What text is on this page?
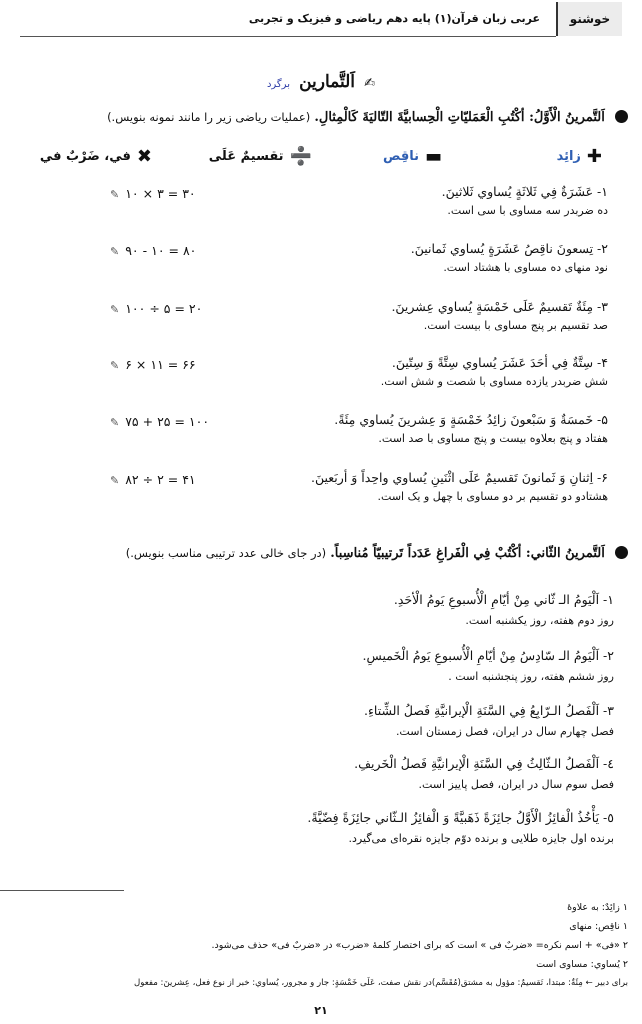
خوشنو
عربی زبان قرآن(۱) پایه دهم ریاضی و فیزیک و تجربی
✍ اَلتَّمارين برگرد
اَلتَّمرينُ الْأَوَّلُ: أكْتُبِ الْعَمَليّاتِ الْحِسابيَّةَ التّاليَةَ كَالْمِثالِ. (عملیات ریاضی زیر را مانند نمونه بنویس.)
✚
زائِد
▬
ناقِص
➗
تقسيمٌ عَلَى
✖
في، ضَرْبٌ في
۱- عَشَرَةٌ فِي ثَلاثَةٍ يُساوي ثَلاثينَ.
ده ضربدر سه مساوی با سی است.
✎ ۱۰ × ۳ = ۳۰
۲- تِسعونَ ناقِصُ عَشَرَةٍ يُساوي ثَمانينَ.
نود منهای ده مساوی با هشتاد است.
✎ ۹۰ - ۱۰ = ۸۰
۳- مِئَةٌ تَقسيمٌ عَلَى خَمْسَةٍ يُساوي عِشرينَ.
صد تقسیم بر پنج مساوی با بیست است.
✎ ۱۰۰ ÷ ۵ = ۲۰
۴- سِتَّةٌ فِي أحَدَ عَشَرَ يُساوي سِتَّةً وَ سِتّينَ.
شش ضربدر یازده مساوی با شصت و شش است.
✎ ۶ × ۱۱ = ۶۶
۵- خَمسَةٌ وَ سَبْعونَ زائِدُ خَمْسَةٍ وَ عِشرينَ يُساوي مِئَةً.
هفتاد و پنج بعلاوه بیست و پنج مساوی با صد است.
✎ ۷۵ + ۲۵ = ۱۰۰
۶- اِثنانِ وَ ثَمانونَ تَقسيمٌ عَلَى اثْنَينِ يُساوي واحِداً وَ أربَعينَ.
هشتادو دو تقسیم بر دو مساوی با چهل و یک است.
✎ ۸۲ ÷ ۲ = ۴۱
اَلتَّمرينُ الثّاني: أكْتُبْ فِي الْفَراغِ عَدَداً تَرتيبيّاً مُناسِباً. (در جای خالی عدد ترتیبی مناسب بنویس.)
۱- اَلْيَومُ الـ ثّاني مِنْ أيّامِ الْأُسبوعِ يَومُ الْأحَدِ.
روز دوم هفته، روز یکشنبه است.
۲- اَلْيَومُ الـ سّادِسُ مِنْ أيّامِ الْأُسبوعِ يَومُ الْخَميسِ.
روز ششم هفته، روز پنجشنبه است .
۳- اَلْفَصلُ الـرّابِعُ فِي السَّنَةِ الْإيرانيَّةِ فَصلُ الشِّتاءِ.
فصل چهارم سال در ایران، فصل زمستان است.
٤- اَلْفَصلُ الـثّالِثُ فِي السَّنَةِ الْإيرانيَّةِ فَصلُ الْخَريفِ.
فصل سوم سال در ایران، فصل پاییز است.
٥- يَأْخُذُ الْفائِزُ الْأَوَّلُ جائِزَةً ذَهَبيَّةً وَ الْفائِزُ الـثّاني جائِزَةً فِضّيَّةً.
برنده اول جایزه طلایی و برنده دوّم جایزه نقره‌ای می‌گیرد.
۱ زائِدٌ: به علاوهٔ
۱ ناقِص: منهای
۲ «فی» + اسم نکره= «ضربٌ فی » است که برای اختصار کلمهٔ «ضرب» در «ضربٌ فی» حذف می‌شود.
۲ يُساوي: مساوی است
برای دبیر ← مِئَةٌ: مبتدا، تَقسيمٌ: مؤول به مشتق(مُقَسَّم)در نقش صفت، عَلَى خَمْسَةٍ: جار و مجرور، يُساوي: خبر از نوع فعل، عِشرينَ: مفعول
۲۱
